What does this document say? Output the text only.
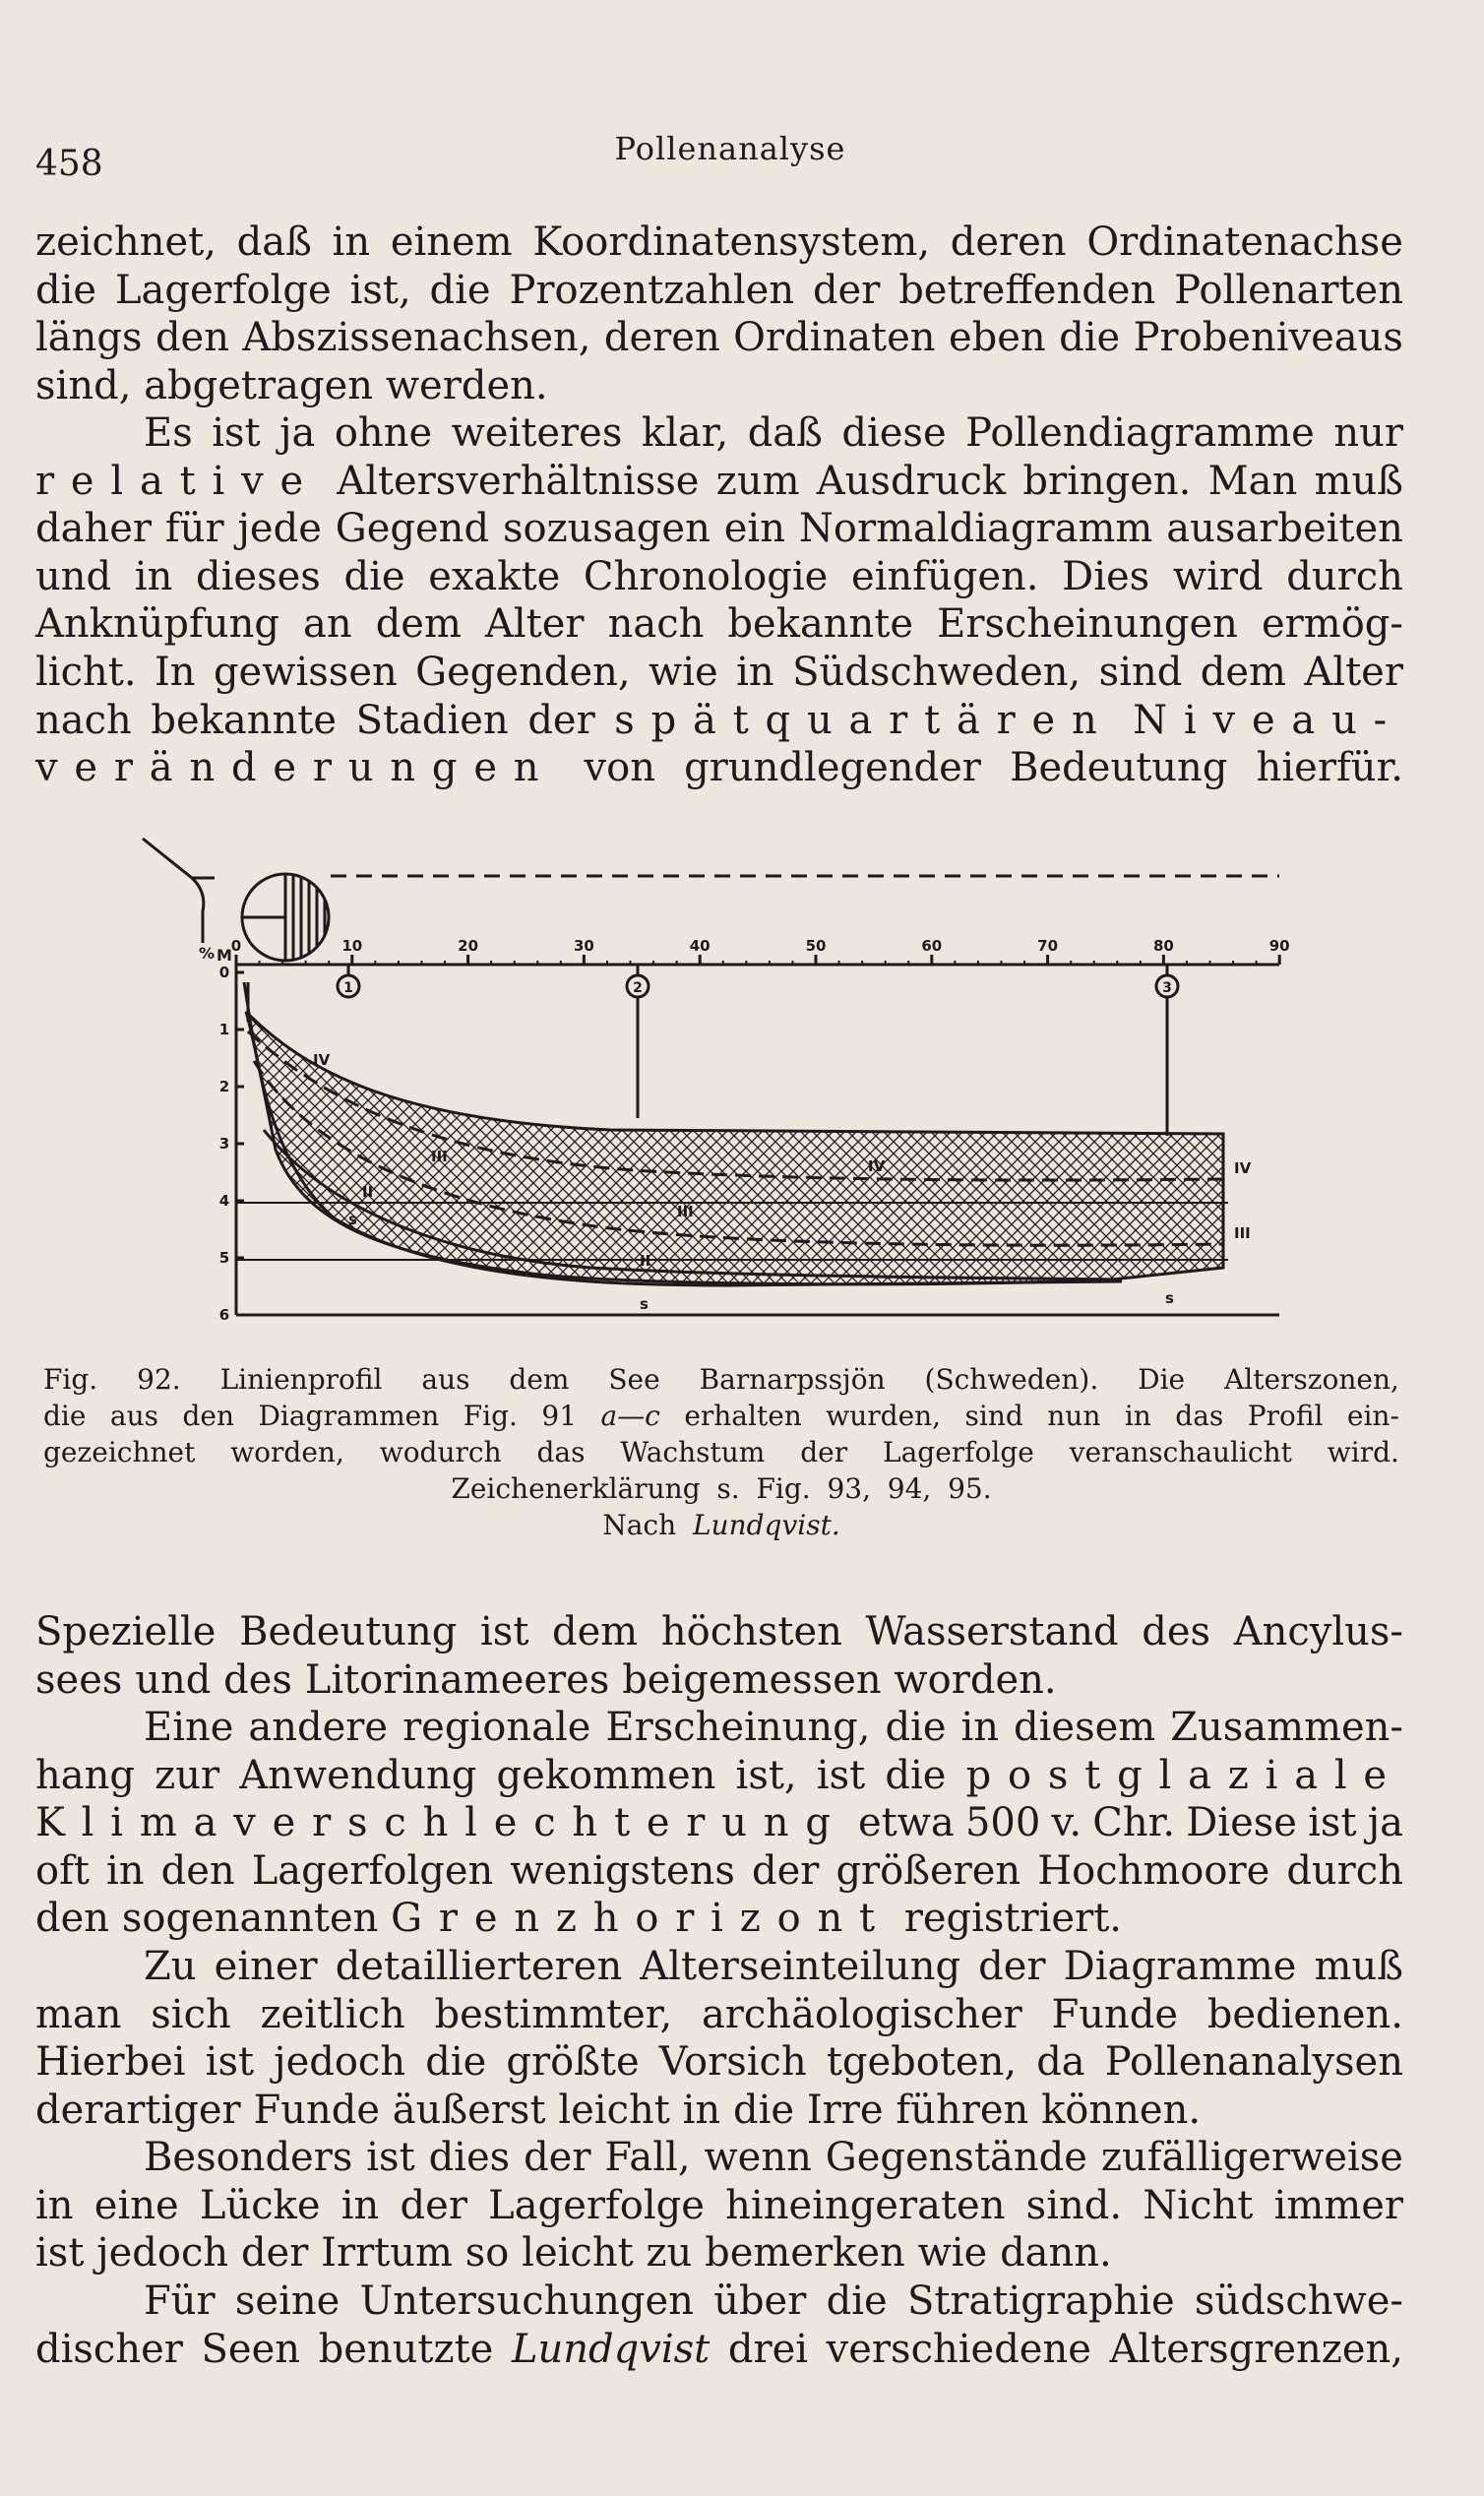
458	Pollenanalyse
zeichnet, daß in einem Koordinatensystem, deren Ordinatenachse
die Lagerfolge ist, die Prozentzahlen der betreffenden Pollenarten
längs den Abszissenachsen, deren Ordinaten eben die Probeniveaus
sind, abgetragen werden.
Es ist ja ohne weiteres klar, daß diese Pollendiagramme nur
relative Altersverhältnisse zum Ausdruck bringen. Man muß
daher für jede Gegend sozusagen ein Normaldiagramm ausarbeiten
und in dieses die exakte Chronologie einfügen. Dies wird durch
Anknüpfung an dem Alter nach bekannte Erscheinungen ermög-
licht. In gewissen Gegenden, wie in Südschweden, sind dem Alter
nach bekannte Stadien der spätquartären Niveau-
veränderungen von grundlegender Bedeutung hierfür.
% 0	10	20	30	40	50	60	70	80	90
M
0
1
2
3
4
5
6
1	2	3
IV
III
II
IV
III
II
IV
III
s
s	s
Fig. 92. Linienprofil aus dem See Barnarpssjön (Schweden). Die Alterszonen,
die aus den Diagrammen Fig. 91 a—c erhalten wurden, sind nun in das Profil ein-
gezeichnet worden, wodurch das Wachstum der Lagerfolge veranschaulicht wird.
Zeichenerklärung s. Fig. 93, 94, 95.
Nach Lundqvist.
Spezielle Bedeutung ist dem höchsten Wasserstand des Ancylus-
sees und des Litorinameeres beigemessen worden.
Eine andere regionale Erscheinung, die in diesem Zusammen-
hang zur Anwendung gekommen ist, ist die postglaziale
Klimaverschlechterung etwa 500 v. Chr. Diese ist ja
oft in den Lagerfolgen wenigstens der größeren Hochmoore durch
den sogenannten Grenzhorizont registriert.
Zu einer detaillierteren Alterseinteilung der Diagramme muß
man sich zeitlich bestimmter, archäologischer Funde bedienen.
Hierbei ist jedoch die größte Vorsich tgeboten, da Pollenanalysen
derartiger Funde äußerst leicht in die Irre führen können.
Besonders ist dies der Fall, wenn Gegenstände zufälligerweise
in eine Lücke in der Lagerfolge hineingeraten sind. Nicht immer
ist jedoch der Irrtum so leicht zu bemerken wie dann.
Für seine Untersuchungen über die Stratigraphie südschwe-
discher Seen benutzte Lundqvist drei verschiedene Altersgrenzen,
